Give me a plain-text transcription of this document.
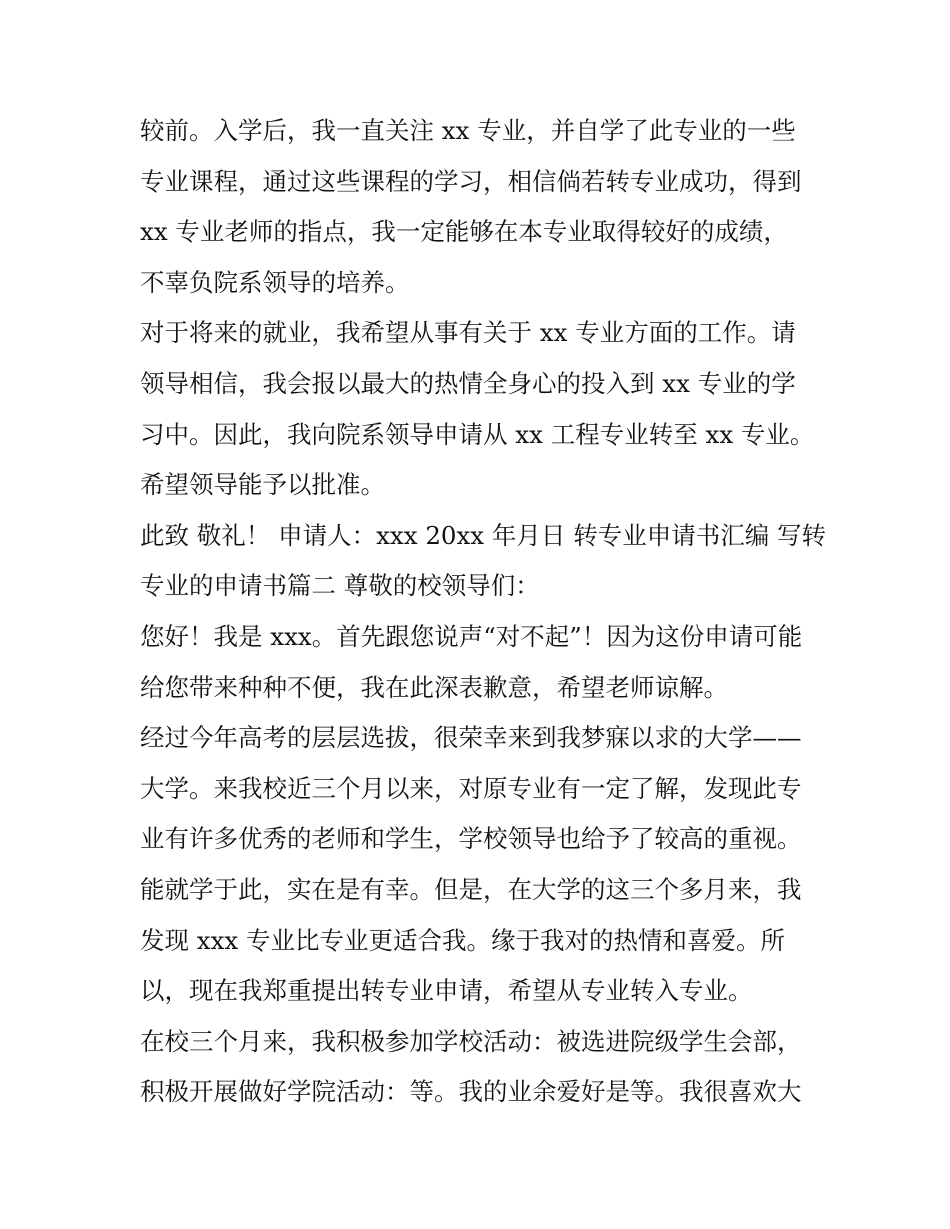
较前。入学后，我一直关注 xx 专业，并自学了此专业的一些
专业课程，通过这些课程的学习，相信倘若转专业成功，得到
xx 专业老师的指点，我一定能够在本专业取得较好的成绩，
不辜负院系领导的培养。
对于将来的就业，我希望从事有关于 xx 专业方面的工作。请
领导相信，我会报以最大的热情全身心的投入到 xx 专业的学
习中。因此，我向院系领导申请从 xx 工程专业转至 xx 专业。
希望领导能予以批准。
此致 敬礼！ 申请人：xxx 20xx 年月日 转专业申请书汇编 写转
专业的申请书篇二 尊敬的校领导们：
您好！我是 xxx。首先跟您说声“对不起”！因为这份申请可能
给您带来种种不便，我在此深表歉意，希望老师谅解。
经过今年高考的层层选拔，很荣幸来到我梦寐以求的大学——
大学。来我校近三个月以来，对原专业有一定了解，发现此专
业有许多优秀的老师和学生，学校领导也给予了较高的重视。
能就学于此，实在是有幸。但是，在大学的这三个多月来，我
发现 xxx 专业比专业更适合我。缘于我对的热情和喜爱。所
以，现在我郑重提出转专业申请，希望从专业转入专业。
在校三个月来，我积极参加学校活动：被选进院级学生会部，
积极开展做好学院活动：等。我的业余爱好是等。我很喜欢大
